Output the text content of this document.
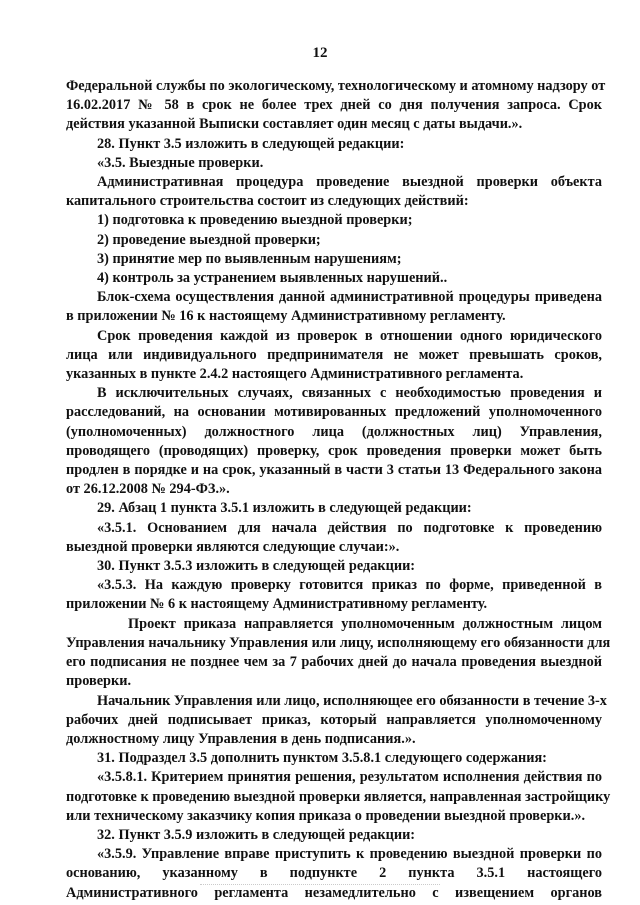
12
Федеральной службы по экологическому, технологическому и атомному надзору от
16.02.2017 № 58 в срок не более трех дней со дня получения запроса. Срок
действия указанной Выписки составляет один месяц с даты выдачи.».
28. Пункт 3.5 изложить в следующей редакции:
«3.5. Выездные проверки.
Административная процедура проведение выездной проверки объекта
капитального строительства состоит из следующих действий:
1) подготовка к проведению выездной проверки;
2) проведение выездной проверки;
3) принятие мер по выявленным нарушениям;
4) контроль за устранением выявленных нарушений..
Блок-схема осуществления данной административной процедуры приведена
в приложении № 16 к настоящему Административному регламенту.
Срок проведения каждой из проверок в отношении одного юридического
лица или индивидуального предпринимателя не может превышать сроков,
указанных в пункте 2.4.2 настоящего Административного регламента.
В исключительных случаях, связанных с необходимостью проведения и
расследований, на основании мотивированных предложений уполномоченного
(уполномоченных) должностного лица (должностных лиц) Управления,
проводящего (проводящих) проверку, срок проведения проверки может быть
продлен в порядке и на срок, указанный в части 3 статьи 13 Федерального закона
от 26.12.2008 № 294-ФЗ.».
29. Абзац 1 пункта 3.5.1 изложить в следующей редакции:
«3.5.1. Основанием для начала действия по подготовке к проведению
выездной проверки являются следующие случаи:».
30. Пункт 3.5.3 изложить в следующей редакции:
«3.5.3. На каждую проверку готовится приказ по форме, приведенной в
приложении № 6 к настоящему Административному регламенту.
Проект приказа направляется уполномоченным должностным лицом
Управления начальнику Управления или лицу, исполняющему его обязанности для
его подписания не позднее чем за 7 рабочих дней до начала проведения выездной
проверки.
Начальник Управления или лицо, исполняющее его обязанности в течение 3-х
рабочих дней подписывает приказ, который направляется уполномоченному
должностному лицу Управления в день подписания.».
31. Подраздел 3.5 дополнить пунктом 3.5.8.1 следующего содержания:
«3.5.8.1. Критерием принятия решения, результатом исполнения действия по
подготовке к проведению выездной проверки является, направленная застройщику
или техническому заказчику копия приказа о проведении выездной проверки.».
32. Пункт 3.5.9 изложить в следующей редакции:
«3.5.9. Управление вправе приступить к проведению выездной проверки по
основанию, указанному в подпункте 2 пункта 3.5.1 настоящего
Административного регламента незамедлительно с извещением органов
